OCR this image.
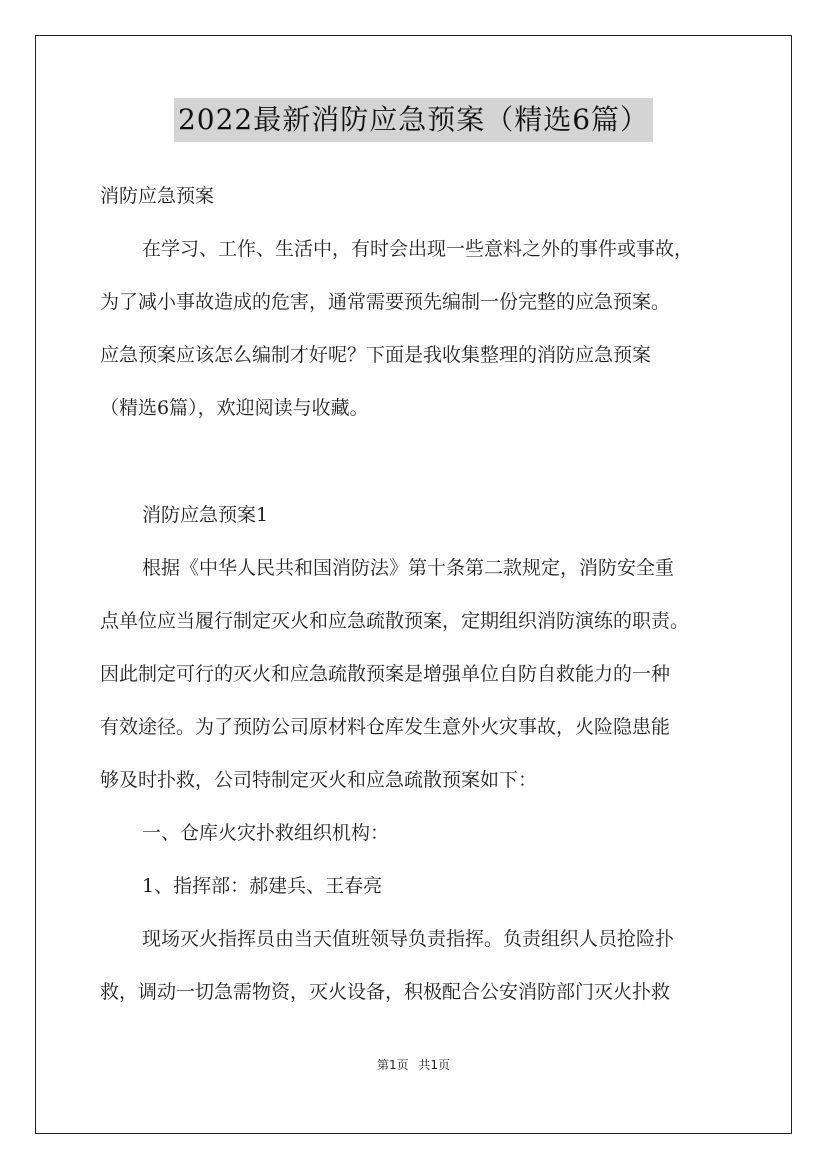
2022最新消防应急预案（精选6篇）
消防应急预案
在学习、工作、生活中，有时会出现一些意料之外的事件或事故，
为了减小事故造成的危害，通常需要预先编制一份完整的应急预案。
应急预案应该怎么编制才好呢？下面是我收集整理的消防应急预案
（精选6篇），欢迎阅读与收藏。
消防应急预案1
根据《中华人民共和国消防法》第十条第二款规定，消防安全重
点单位应当履行制定灭火和应急疏散预案，定期组织消防演练的职责。
因此制定可行的灭火和应急疏散预案是增强单位自防自救能力的一种
有效途径。为了预防公司原材料仓库发生意外火灾事故，火险隐患能
够及时扑救，公司特制定灭火和应急疏散预案如下：
一、仓库火灾扑救组织机构：
1、指挥部：郝建兵、王春亮
现场灭火指挥员由当天值班领导负责指挥。负责组织人员抢险扑
救，调动一切急需物资，灭火设备，积极配合公安消防部门灭火扑救
第1页 共1页
